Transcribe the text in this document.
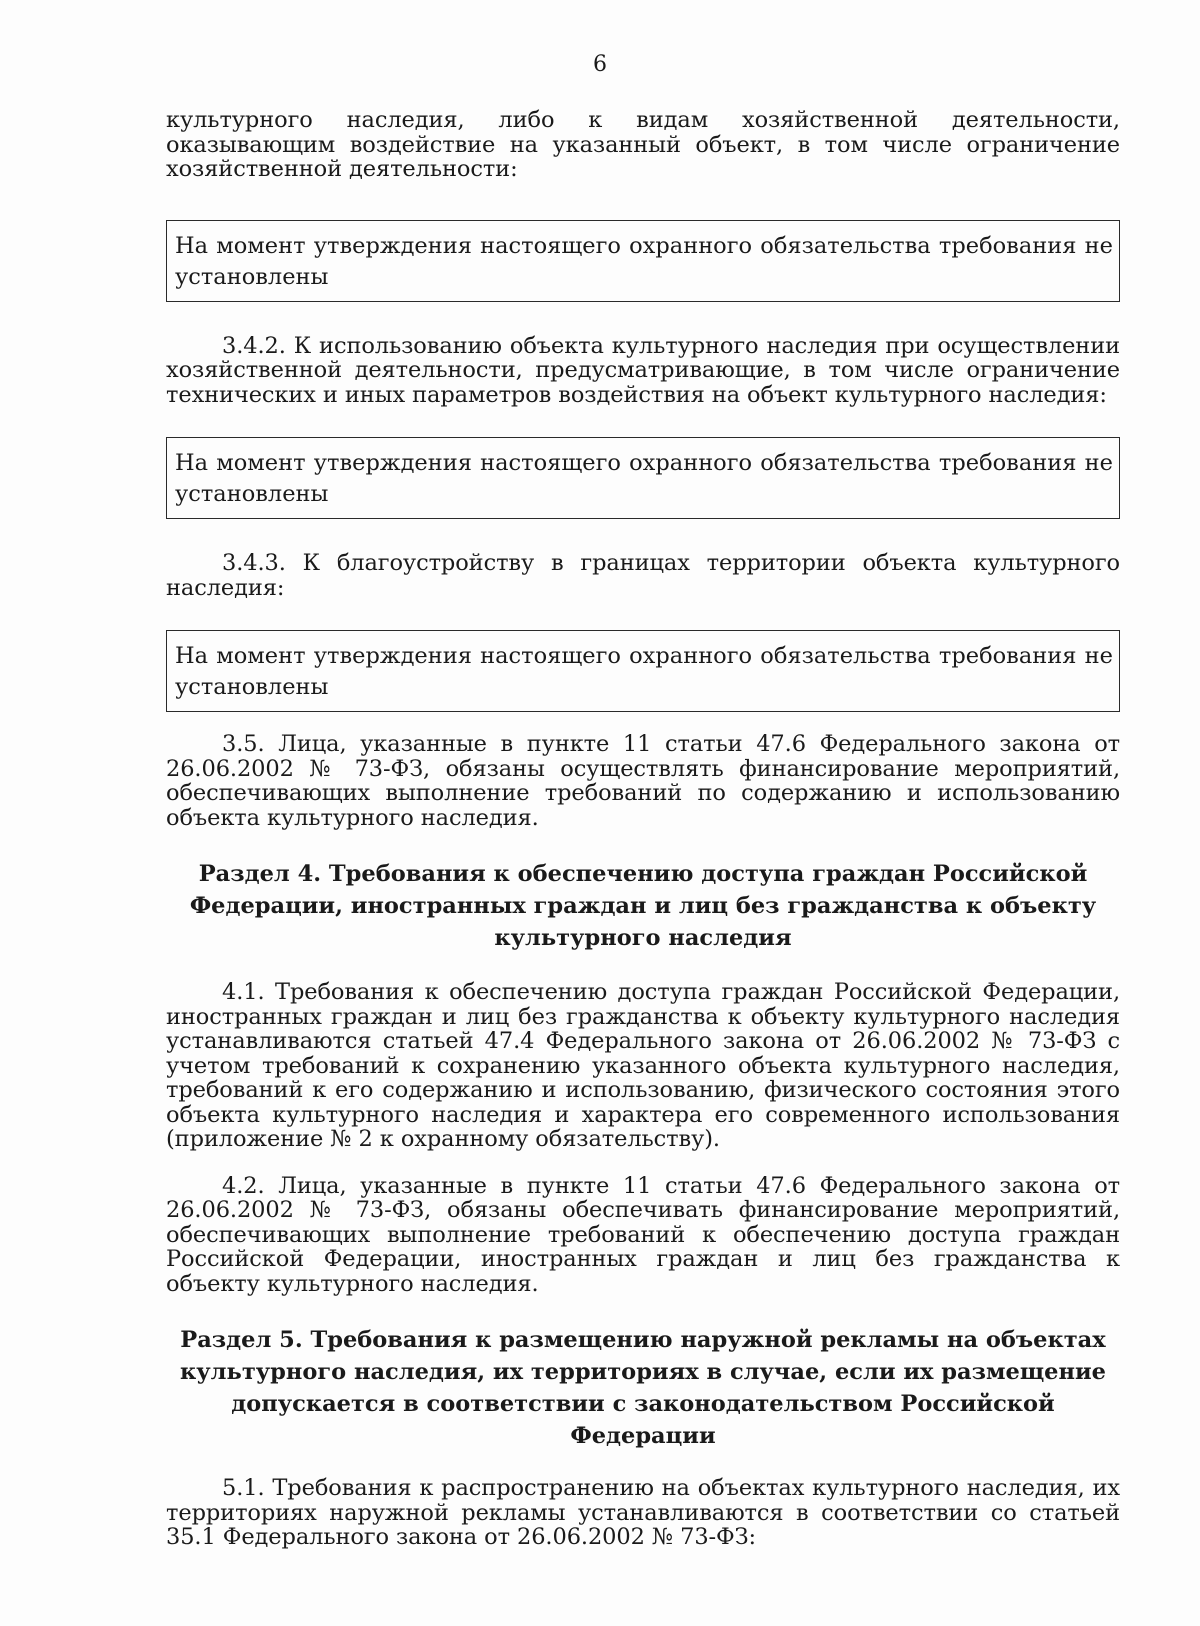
6

культурного наследия, либо к видам хозяйственной деятельности, оказывающим воздействие на указанный объект, в том числе ограничение хозяйственной деятельности:

На момент утверждения настоящего охранного обязательства требования не установлены

3.4.2. К использованию объекта культурного наследия при осуществлении хозяйственной деятельности, предусматривающие, в том числе ограничение технических и иных параметров воздействия на объект культурного наследия:

На момент утверждения настоящего охранного обязательства требования не установлены

3.4.3. К благоустройству в границах территории объекта культурного наследия:

На момент утверждения настоящего охранного обязательства требования не установлены

3.5. Лица, указанные в пункте 11 статьи 47.6 Федерального закона от 26.06.2002 № 73-ФЗ, обязаны осуществлять финансирование мероприятий, обеспечивающих выполнение требований по содержанию и использованию объекта культурного наследия.

Раздел 4. Требования к обеспечению доступа граждан Российской Федерации, иностранных граждан и лиц без гражданства к объекту культурного наследия

4.1. Требования к обеспечению доступа граждан Российской Федерации, иностранных граждан и лиц без гражданства к объекту культурного наследия устанавливаются статьей 47.4 Федерального закона от 26.06.2002 № 73-ФЗ с учетом требований к сохранению указанного объекта культурного наследия, требований к его содержанию и использованию, физического состояния этого объекта культурного наследия и характера его современного использования (приложение № 2 к охранному обязательству).

4.2. Лица, указанные в пункте 11 статьи 47.6 Федерального закона от 26.06.2002 № 73-ФЗ, обязаны обеспечивать финансирование мероприятий, обеспечивающих выполнение требований к обеспечению доступа граждан Российской Федерации, иностранных граждан и лиц без гражданства к объекту культурного наследия.

Раздел 5. Требования к размещению наружной рекламы на объектах культурного наследия, их территориях в случае, если их размещение допускается в соответствии с законодательством Российской Федерации

5.1. Требования к распространению на объектах культурного наследия, их территориях наружной рекламы устанавливаются в соответствии со статьей 35.1 Федерального закона от 26.06.2002 № 73-ФЗ:
